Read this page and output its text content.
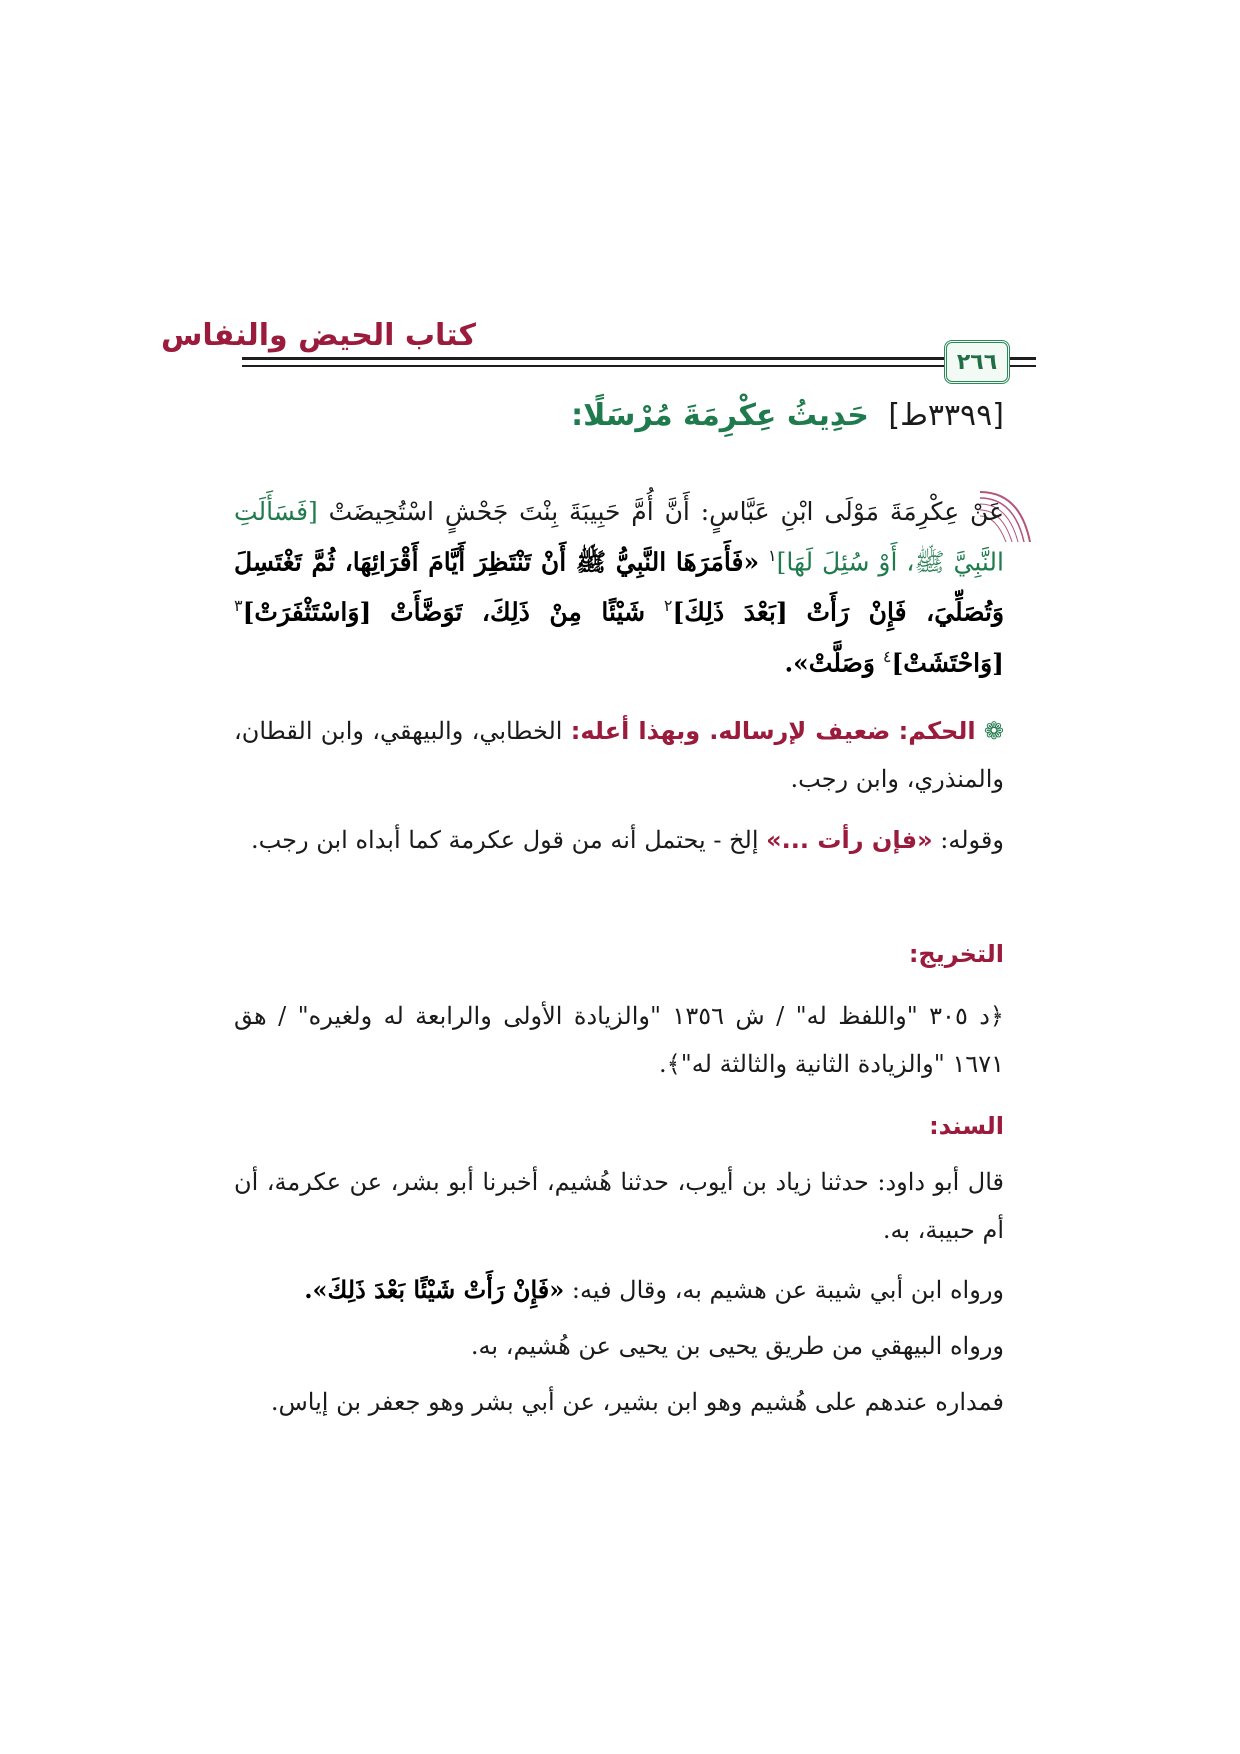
كتاب الحيض والنفاس
٢٦٦
[٣٣٩٩ط] حَدِيثُ عِكْرِمَةَ مُرْسَلًا:
عَنْ عِكْرِمَةَ مَوْلَى ابْنِ عَبَّاسٍ: أَنَّ أُمَّ حَبِيبَةَ بِنْتَ جَحْشٍ اسْتُحِيضَتْ [فَسَأَلَتِ النَّبِيَّ ﷺ، أَوْ سُئِلَ لَهَا]$^١$ «فَأَمَرَهَا النَّبِيُّ ﷺ أَنْ تَنْتَظِرَ أَيَّامَ أَقْرَائِهَا، ثُمَّ تَغْتَسِلَ وَتُصَلِّيَ، فَإِنْ رَأَتْ [بَعْدَ ذَلِكَ]$^٢$ شَيْئًا مِنْ ذَلِكَ، تَوَضَّأَتْ [وَاسْتَثْفَرَتْ]$^٣$ [وَاحْتَشَتْ]$^٤$ وَصَلَّتْ».
❁ الحكم: ضعيف لإرساله. وبهذا أعله: الخطابي، والبيهقي، وابن القطان، والمنذري، وابن رجب.
وقوله: «فإن رأت ...» إلخ - يحتمل أنه من قول عكرمة كما أبداه ابن رجب.
التخريج:
﴿د ٣٠٥ "واللفظ له" / ش ١٣٥٦ "والزيادة الأولى والرابعة له ولغيره" / هق ١٦٧١ "والزيادة الثانية والثالثة له"﴾.
السند:
قال أبو داود: حدثنا زياد بن أيوب، حدثنا هُشيم، أخبرنا أبو بشر، عن عكرمة، أن أم حبيبة، به.
ورواه ابن أبي شيبة عن هشيم به، وقال فيه: «فَإِنْ رَأَتْ شَيْئًا بَعْدَ ذَلِكَ».
ورواه البيهقي من طريق يحيى بن يحيى عن هُشيم، به.
فمداره عندهم على هُشيم وهو ابن بشير، عن أبي بشر وهو جعفر بن إياس.
